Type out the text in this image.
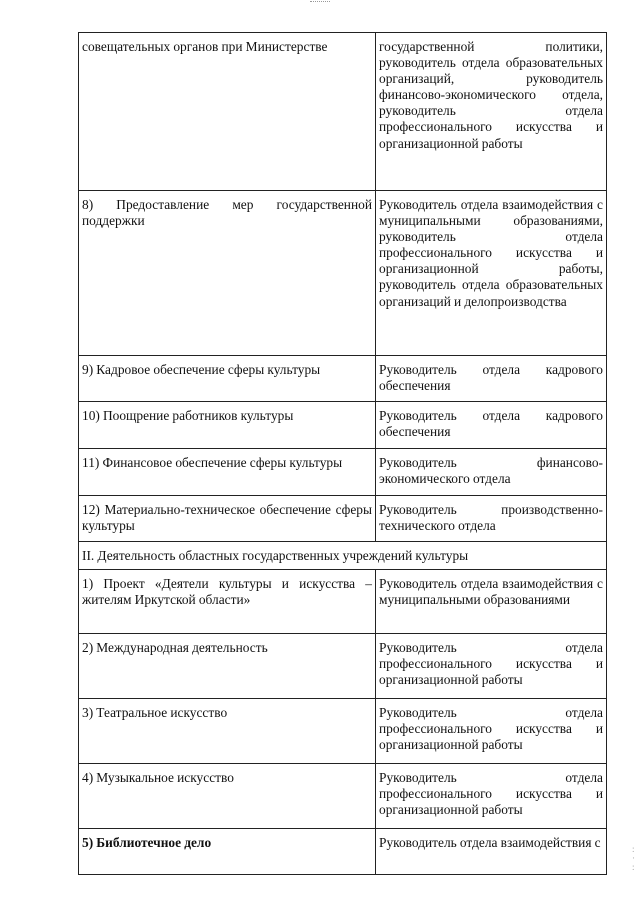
совещательных органов при Министерстве	государственной политики, руководитель отдела образовательных организаций, руководитель финансово-экономического отдела, руководитель отдела профессионального искусства и организационной работы
8) Предоставление мер государственной поддержки	Руководитель отдела взаимодействия с муниципальными образованиями, руководитель отдела профессионального искусства и организационной работы, руководитель отдела образовательных организаций и делопроизводства
9) Кадровое обеспечение сферы культуры	Руководитель отдела кадрового обеспечения
10) Поощрение работников культуры	Руководитель отдела кадрового обеспечения
11) Финансовое обеспечение сферы культуры	Руководитель финансово-экономического отдела
12) Материально-техническое обеспечение сферы культуры	Руководитель производственно-технического отдела
II. Деятельность областных государственных учреждений культуры	
1) Проект «Деятели культуры и искусства – жителям Иркутской области»	Руководитель отдела взаимодействия с муниципальными образованиями
2) Международная деятельность	Руководитель отдела профессионального искусства и организационной работы
3) Театральное искусство	Руководитель отдела профессионального искусства и организационной работы
4) Музыкальное искусство	Руководитель отдела профессионального искусства и организационной работы
5) Библиотечное дело	Руководитель отдела взаимодействия с	:
·
:
